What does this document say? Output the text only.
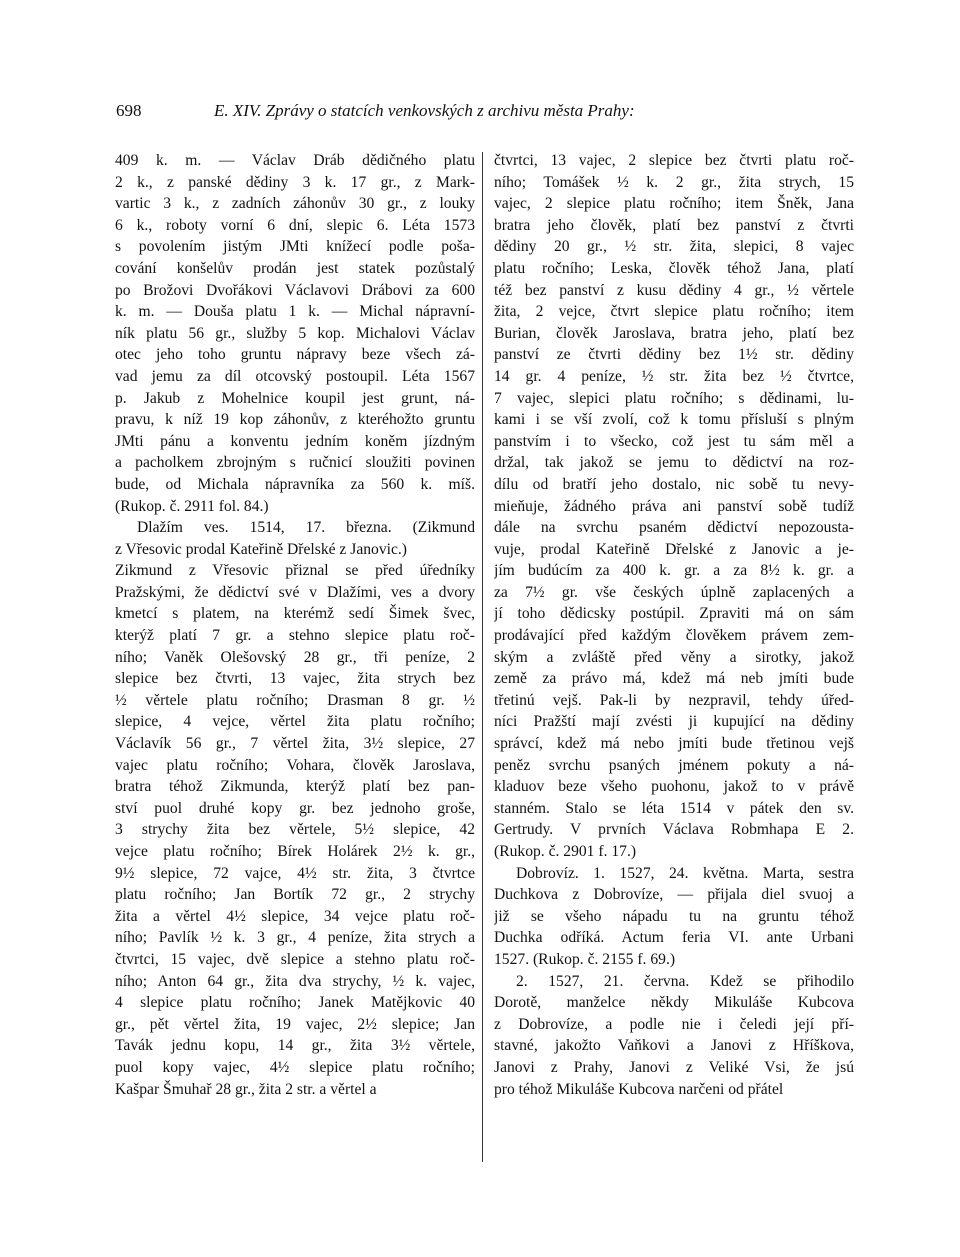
698	E. XIV. Zprávy o statcích venkovských z archivu města Prahy:
409 k. m. — Václav Dráb dědičného platu
2 k., z panské dědiny 3 k. 17 gr., z Mark-
vartic 3 k., z zadních záhonův 30 gr., z louky
6 k., roboty vorní 6 dní, slepic 6. Léta 1573
s povolením jistým JMti knížecí podle poša-
cování konšelův prodán jest statek pozůstalý
po Brožovi Dvořákovi Václavovi Drábovi za 600
k. m. — Douša platu 1 k. — Michal nápravní-
ník platu 56 gr., služby 5 kop. Michalovi Václav
otec jeho toho gruntu nápravy beze všech zá-
vad jemu za díl otcovský postoupil. Léta 1567
p. Jakub z Mohelnice koupil jest grunt, ná-
pravu, k níž 19 kop záhonův, z kteréhožto gruntu
JMti pánu a konventu jedním koněm jízdným
a pacholkem zbrojným s ručnicí sloužiti povinen
bude, od Michala nápravníka za 560 k. míš.
(Rukop. č. 2911 fol. 84.)
Dlažím ves. 1514, 17. března. (Zikmund
z Vřesovic prodal Kateřině Dřelské z Janovic.)
Zikmund z Vřesovic přiznal se před úředníky
Pražskými, že dědictví své v Dlažími, ves a dvory
kmetcí s platem, na kterémž sedí Šimek švec,
kterýž platí 7 gr. a stehno slepice platu roč-
ního; Vaněk Olešovský 28 gr., tři peníze, 2
slepice bez čtvrti, 13 vajec, žita strych bez
½ věrtele platu ročního; Drasman 8 gr. ½
slepice, 4 vejce, věrtel žita platu ročního;
Václavík 56 gr., 7 věrtel žita, 3½ slepice, 27
vajec platu ročního; Vohara, člověk Jaroslava,
bratra téhož Zikmunda, kterýž platí bez pan-
ství puol druhé kopy gr. bez jednoho groše,
3 strychy žita bez věrtele, 5½ slepice, 42
vejce platu ročního; Bírek Holárek 2½ k. gr.,
9½ slepice, 72 vajce, 4½ str. žita, 3 čtvrtce
platu ročního; Jan Bortík 72 gr., 2 strychy
žita a věrtel 4½ slepice, 34 vejce platu roč-
ního; Pavlík ½ k. 3 gr., 4 peníze, žita strych a
čtvrtci, 15 vajec, dvě slepice a stehno platu roč-
ního; Anton 64 gr., žita dva strychy, ½ k. vajec,
4 slepice platu ročního; Janek Matějkovic 40
gr., pět věrtel žita, 19 vajec, 2½ slepice; Jan
Tavák jednu kopu, 14 gr., žita 3½ věrtele,
puol kopy vajec, 4½ slepice platu ročního;
Kašpar Šmuhař 28 gr., žita 2 str. a věrtel a
čtvrtci, 13 vajec, 2 slepice bez čtvrti platu roč-
ního; Tomášek ½ k. 2 gr., žita strych, 15
vajec, 2 slepice platu ročního; item Šněk, Jana
bratra jeho člověk, platí bez panství z čtvrti
dědiny 20 gr., ½ str. žita, slepici, 8 vajec
platu ročního; Leska, člověk téhož Jana, platí
též bez panství z kusu dědiny 4 gr., ½ věrtele
žita, 2 vejce, čtvrt slepice platu ročního; item
Burian, člověk Jaroslava, bratra jeho, platí bez
panství ze čtvrti dědiny bez 1½ str. dědiny
14 gr. 4 peníze, ½ str. žita bez ½ čtvrtce,
7 vajec, slepici platu ročního; s dědinami, lu-
kami i se vší zvolí, což k tomu přísluší s plným
panstvím i to všecko, což jest tu sám měl a
držal, tak jakož se jemu to dědictví na roz-
dílu od bratří jeho dostalo, nic sobě tu nevy-
mieňuje, žádného práva ani panství sobě tudíž
dále na svrchu psaném dědictví nepozousta-
vuje, prodal Kateřině Dřelské z Janovic a je-
jím budúcím za 400 k. gr. a za 8½ k. gr. a
za 7½ gr. vše českých úplně zaplacených a
jí toho dědicsky postúpil. Zpraviti má on sám
prodávající před každým člověkem právem zem-
ským a zvláště před věny a sirotky, jakož
země za právo má, kdež má neb jmíti bude
třetinú vejš. Pak-li by nezpravil, tehdy úřed-
níci Pražští mají zvésti ji kupující na dědiny
správcí, kdež má nebo jmíti bude třetinou vejš
peněz svrchu psaných jménem pokuty a ná-
kladuov beze všeho puohonu, jakož to v právě
stanném. Stalo se léta 1514 v pátek den sv.
Gertrudy. V prvních Václava Robmhapa E 2.
(Rukop. č. 2901 f. 17.)
Dobrovíz. 1. 1527, 24. května. Marta, sestra
Duchkova z Dobrovíze, — přijala diel svuoj a
již se všeho nápadu tu na gruntu téhož
Duchka odříká. Actum feria VI. ante Urbani
1527. (Rukop. č. 2155 f. 69.)
2. 1527, 21. června. Kdež se přihodilo
Dorotě, manželce někdy Mikuláše Kubcova
z Dobrovíze, a podle nie i čeledi její pří-
stavné, jakožto Vaňkovi a Janovi z Hříškova,
Janovi z Prahy, Janovi z Veliké Vsi, že jsú
pro téhož Mikuláše Kubcova narčeni od přátel
